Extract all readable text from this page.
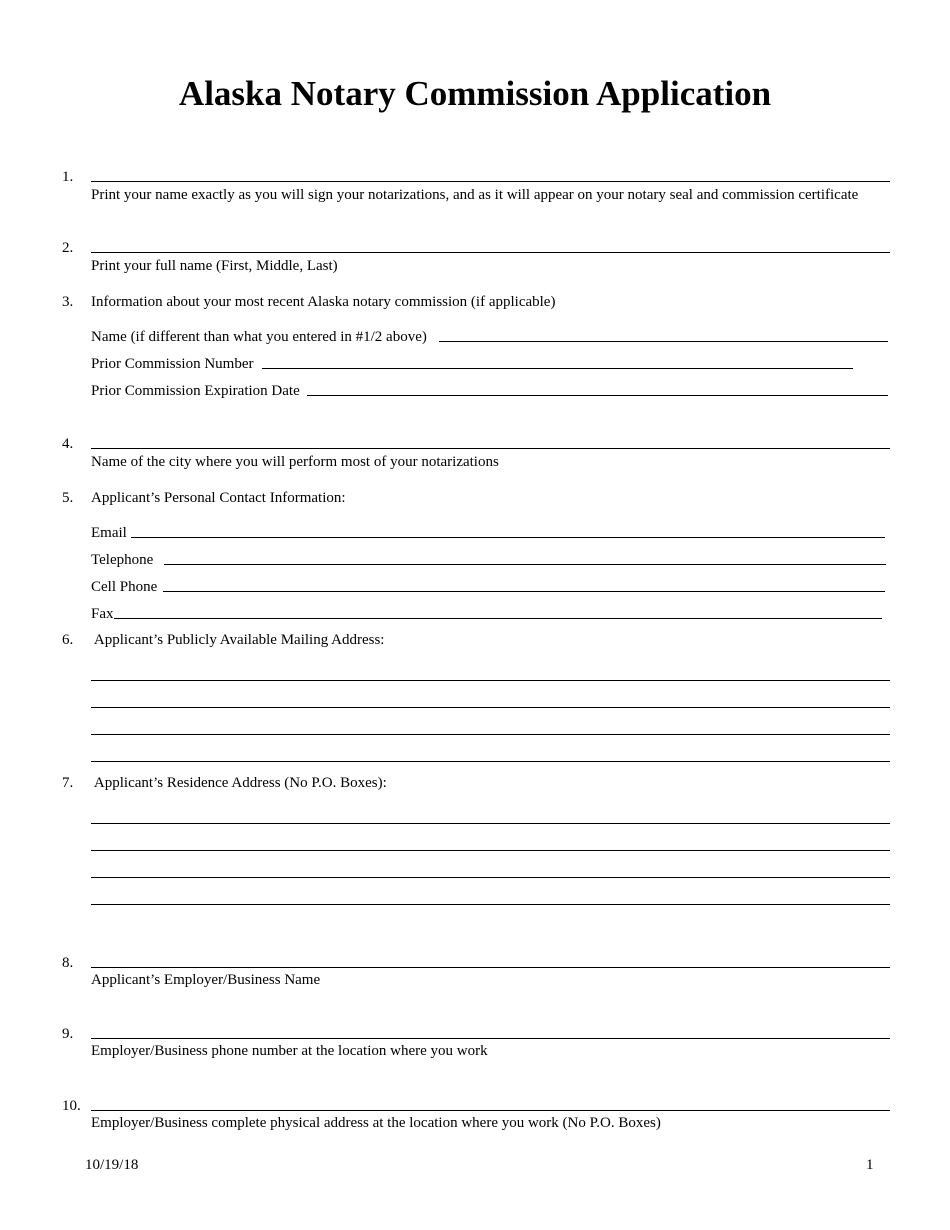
Alaska Notary Commission Application
1.
Print your name exactly as you will sign your notarizations, and as it will appear on your notary seal and commission certificate
2.
Print your full name (First, Middle, Last)
3. Information about your most recent Alaska notary commission (if applicable)
Name (if different than what you entered in #1/2 above)
Prior Commission Number
Prior Commission Expiration Date
4.
Name of the city where you will perform most of your notarizations
5. Applicant’s Personal Contact Information:
Email
Telephone
Cell Phone
Fax
6. Applicant’s Publicly Available Mailing Address:
7. Applicant’s Residence Address (No P.O. Boxes):
8.
Applicant’s Employer/Business Name
9.
Employer/Business phone number at the location where you work
10.
Employer/Business complete physical address at the location where you work (No P.O. Boxes)
10/19/18	1
